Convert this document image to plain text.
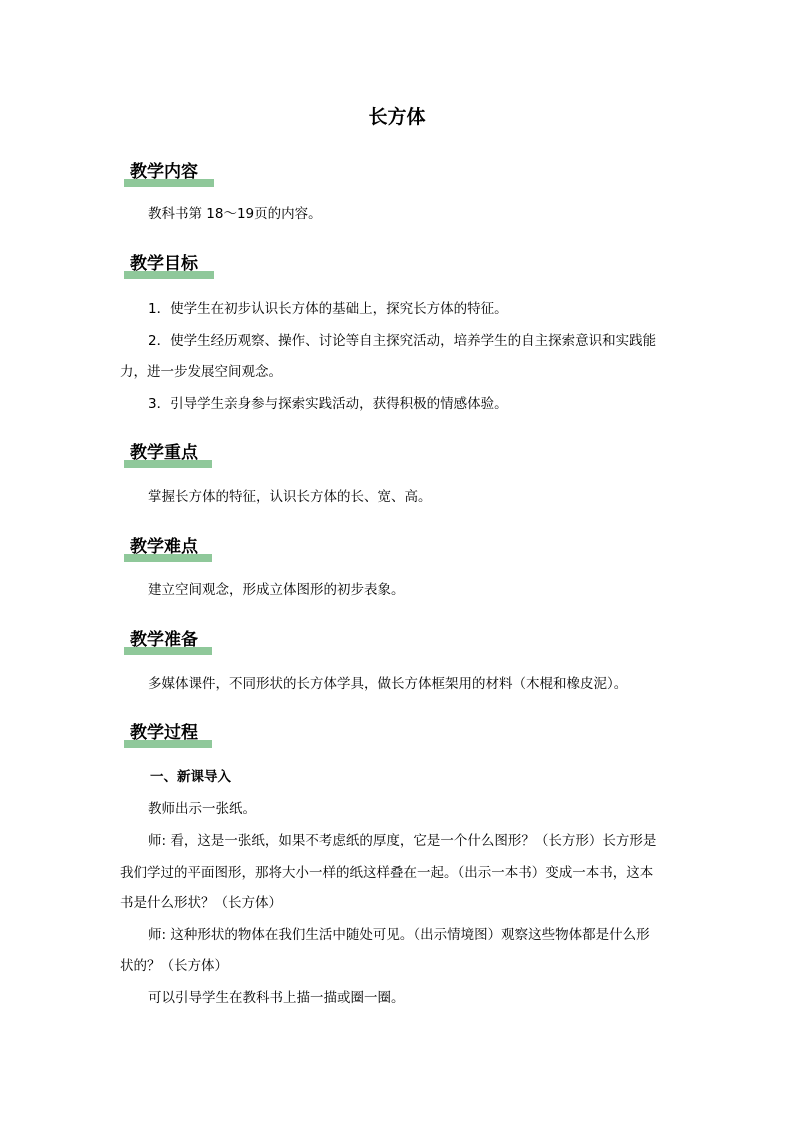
长方体
教学内容
教科书第 18～19页的内容。
教学目标
1．使学生在初步认识长方体的基础上，探究长方体的特征。
2．使学生经历观察、操作、讨论等自主探究活动，培养学生的自主探索意识和实践能
力，进一步发展空间观念。
3．引导学生亲身参与探索实践活动，获得积极的情感体验。
教学重点
掌握长方体的特征，认识长方体的长、宽、高。
教学难点
建立空间观念，形成立体图形的初步表象。
教学准备
多媒体课件，不同形状的长方体学具，做长方体框架用的材料（木棍和橡皮泥）。
教学过程
一、新课导入
教师出示一张纸。
师: 看，这是一张纸，如果不考虑纸的厚度，它是一个什么图形？（长方形）长方形是
我们学过的平面图形，那将大小一样的纸这样叠在一起。（出示一本书）变成一本书，这本
书是什么形状？（长方体）
师: 这种形状的物体在我们生活中随处可见。（出示情境图）观察这些物体都是什么形
状的？（长方体）
可以引导学生在教科书上描一描或圈一圈。
